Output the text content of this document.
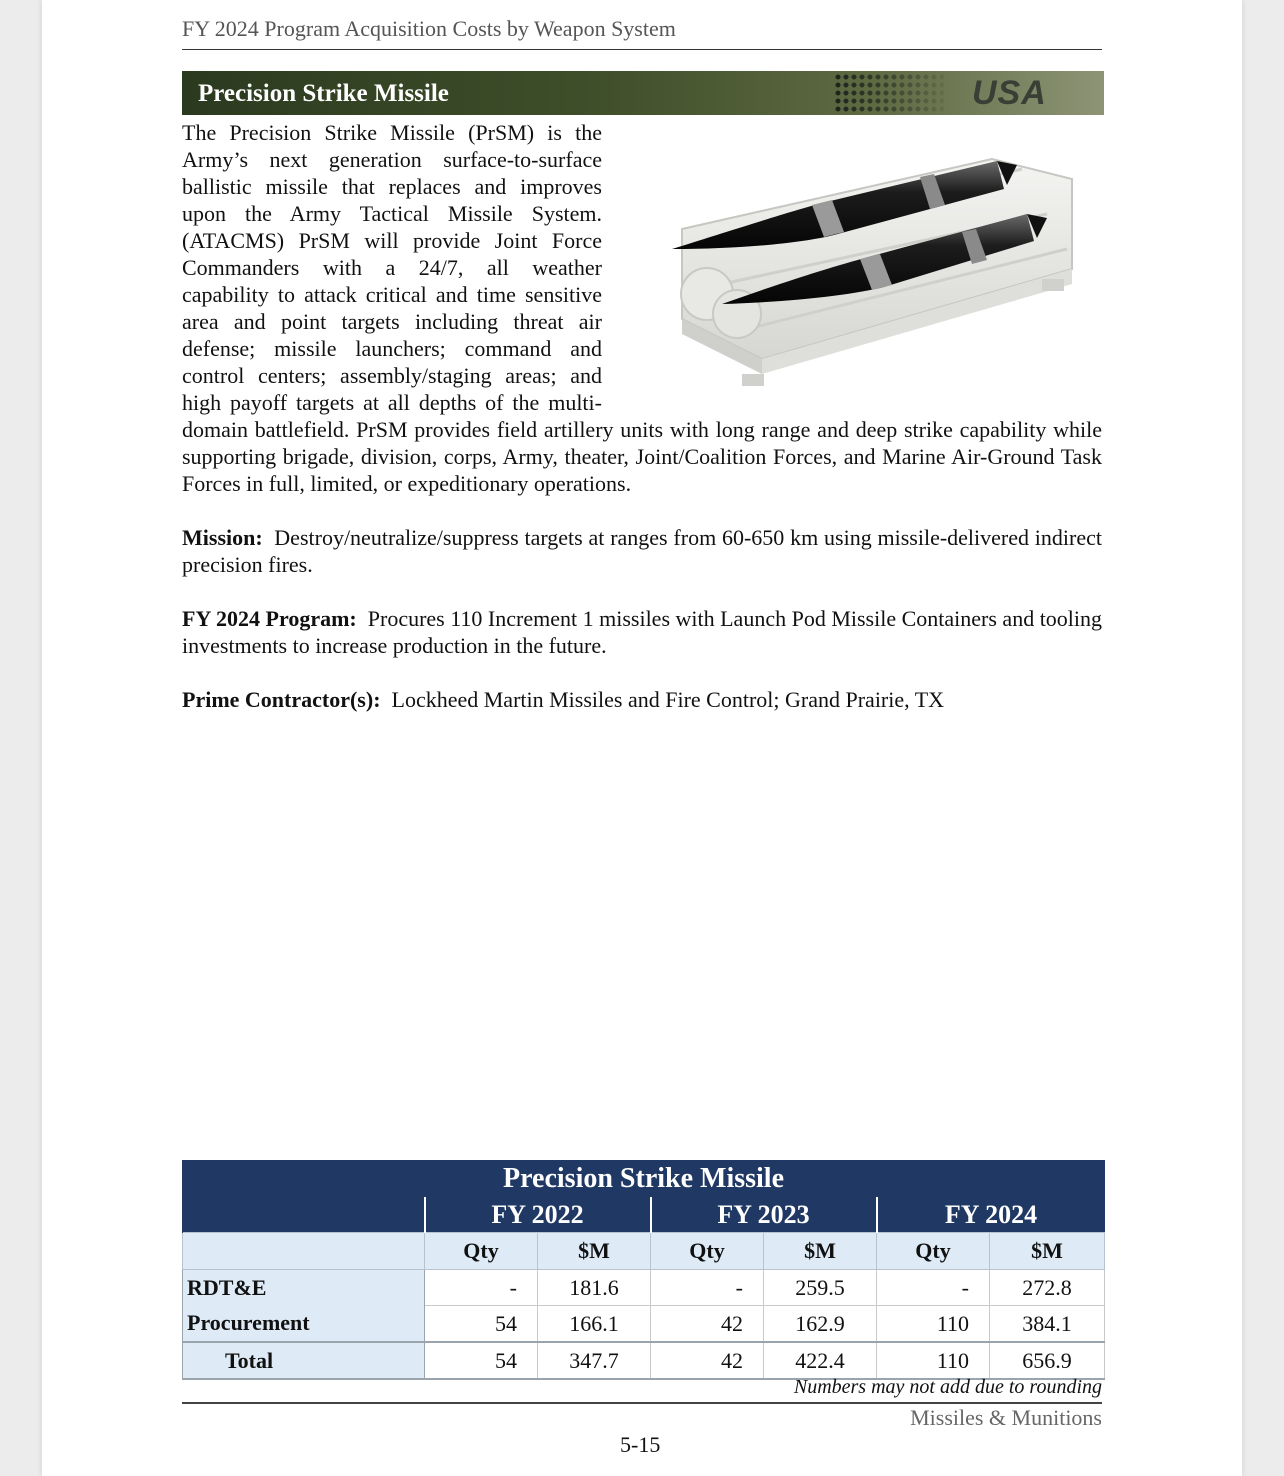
FY 2024 Program Acquisition Costs by Weapon System
Precision Strike Missile	USA
The Precision Strike Missile (PrSM) is the Army’s next generation surface-to-surface ballistic missile that replaces and improves upon the Army Tactical Missile System. (ATACMS) PrSM will provide Joint Force Commanders with a 24/7, all weather capability to attack critical and time sensitive area and point targets including threat air defense; missile launchers; command and control centers; assembly/staging areas; and high payoff targets at all depths of the multi-domain battlefield. PrSM provides field artillery units with long range and deep strike capability while supporting brigade, division, corps, Army, theater, Joint/Coalition Forces, and Marine Air-Ground Task Forces in full, limited, or expeditionary operations.
Mission: Destroy/neutralize/suppress targets at ranges from 60-650 km using missile-delivered indirect precision fires.
FY 2024 Program: Procures 110 Increment 1 missiles with Launch Pod Missile Containers and tooling investments to increase production in the future.
Prime Contractor(s): Lockheed Martin Missiles and Fire Control; Grand Prairie, TX
Precision Strike Missile						
	FY 2022		FY 2023		FY 2024	
	Qty	$M	Qty	$M	Qty	$M
RDT&E	-	181.6	-	259.5	-	272.8
Procurement	54	166.1	42	162.9	110	384.1
Total	54	347.7	42	422.4	110	656.9
Numbers may not add due to rounding
Missiles & Munitions
5-15
